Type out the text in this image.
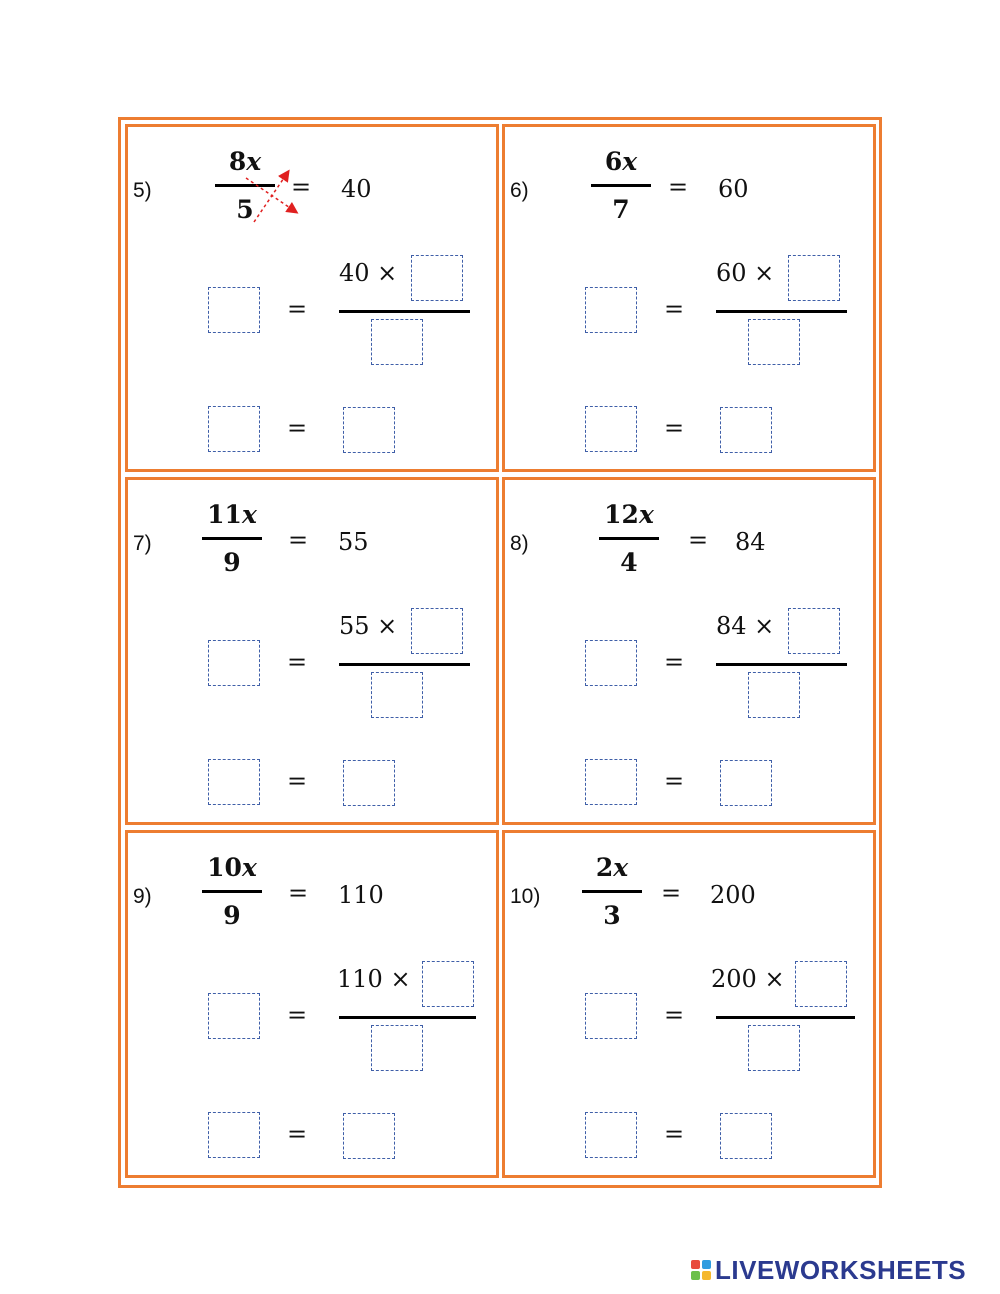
5)
8x
5
= 40
=
40 ×
=
6)
6x
7
= 60
=
60 ×
=
7)
11x
9
= 55
=
55 ×
=
8)
12x
4
= 84
=
84 ×
=
9)
10x
9
= 110
=
110 ×
=
10)
2x
3
= 200
=
200 ×
=
LIVEWORKSHEETS
